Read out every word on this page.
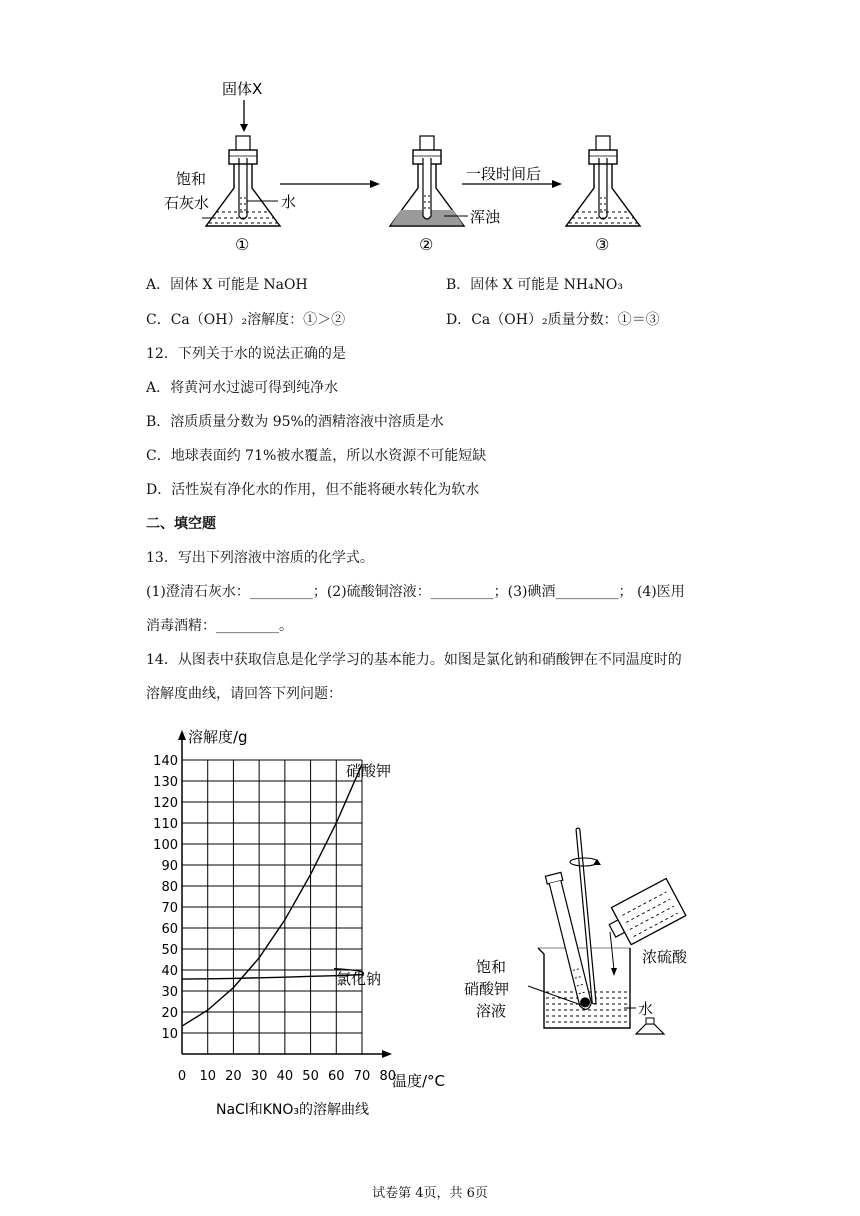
固体X
饱和
石灰水	水
①
浑浊
②
一段时间后
③
A．固体 X 可能是 NaOH	B．固体 X 可能是 NH₄NO₃
C．Ca（OH）₂溶解度：①＞②	D．Ca（OH）₂质量分数：①＝③
12．下列关于水的说法正确的是
A．将黄河水过滤可得到纯净水
B．溶质质量分数为 95%的酒精溶液中溶质是水
C．地球表面约 71%被水覆盖，所以水资源不可能短缺
D．活性炭有净化水的作用，但不能将硬水转化为软水
二、填空题
13．写出下列溶液中溶质的化学式。
(1)澄清石灰水：_________；(2)硫酸铜溶液：_________；(3)碘酒_________； (4)医用
消毒酒精：_________。
14．从图表中获取信息是化学学习的基本能力。如图是氯化钠和硝酸钾在不同温度时的
溶解度曲线，请回答下列问题：
10
20
30
40
50
60
70
80
90
100
110
120
130
140
0 10 20 30 40 50 60 70 80
硝酸钾
氯化钠
溶解度/g
温度/°C
NaCl和KNO₃的溶解曲线
浓硫酸
饱和
硝酸钾
溶液	水
试卷第 4页，共 6页
